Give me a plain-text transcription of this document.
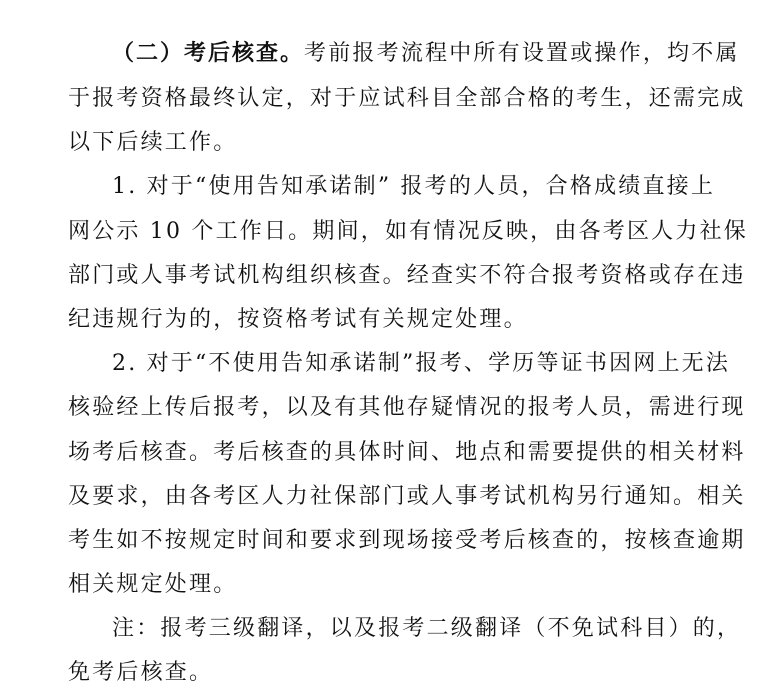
（二）考后核查。考前报考流程中所有设置或操作，均不属
于报考资格最终认定，对于应试科目全部合格的考生，还需完成
以下后续工作。
1. 对于“使用告知承诺制” 报考的人员，合格成绩直接上
网公示 10 个工作日。期间，如有情况反映，由各考区人力社保
部门或人事考试机构组织核查。经查实不符合报考资格或存在违
纪违规行为的，按资格考试有关规定处理。
2. 对于“不使用告知承诺制”报考、学历等证书因网上无法
核验经上传后报考，以及有其他存疑情况的报考人员，需进行现
场考后核查。考后核查的具体时间、地点和需要提供的相关材料
及要求，由各考区人力社保部门或人事考试机构另行通知。相关
考生如不按规定时间和要求到现场接受考后核查的，按核查逾期
相关规定处理。
注：报考三级翻译，以及报考二级翻译（不免试科目）的，
免考后核查。
